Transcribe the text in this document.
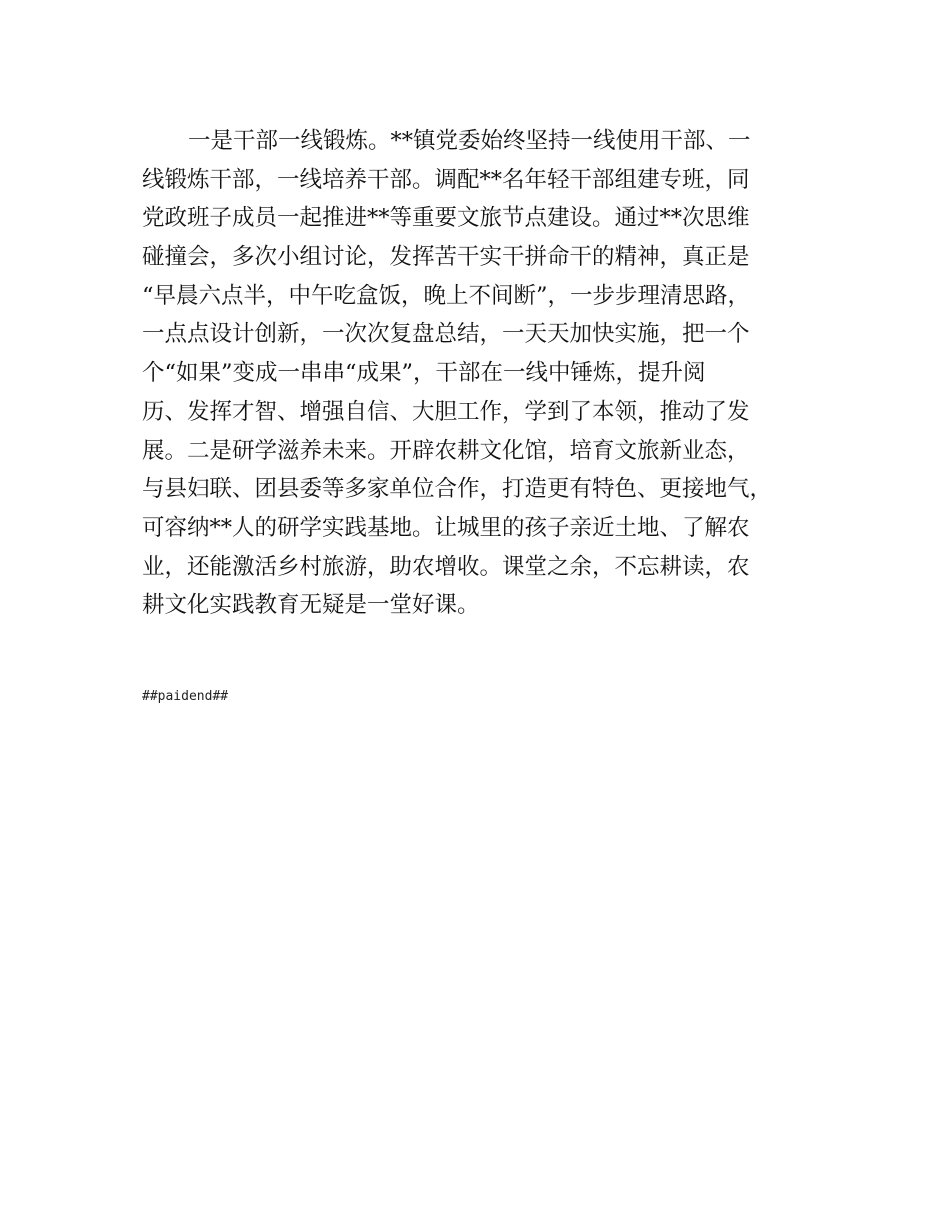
一是干部一线锻炼。**镇党委始终坚持一线使用干部、一
线锻炼干部，一线培养干部。调配**名年轻干部组建专班，同
党政班子成员一起推进**等重要文旅节点建设。通过**次思维
碰撞会，多次小组讨论，发挥苦干实干拼命干的精神，真正是
“早晨六点半，中午吃盒饭，晚上不间断”，一步步理清思路，
一点点设计创新，一次次复盘总结，一天天加快实施，把一个
个“如果”变成一串串“成果”，干部在一线中锤炼，提升阅
历、发挥才智、增强自信、大胆工作，学到了本领，推动了发
展。二是研学滋养未来。开辟农耕文化馆，培育文旅新业态，
与县妇联、团县委等多家单位合作，打造更有特色、更接地气，
可容纳**人的研学实践基地。让城里的孩子亲近土地、了解农
业，还能激活乡村旅游，助农增收。课堂之余，不忘耕读，农
耕文化实践教育无疑是一堂好课。
##paidend##
